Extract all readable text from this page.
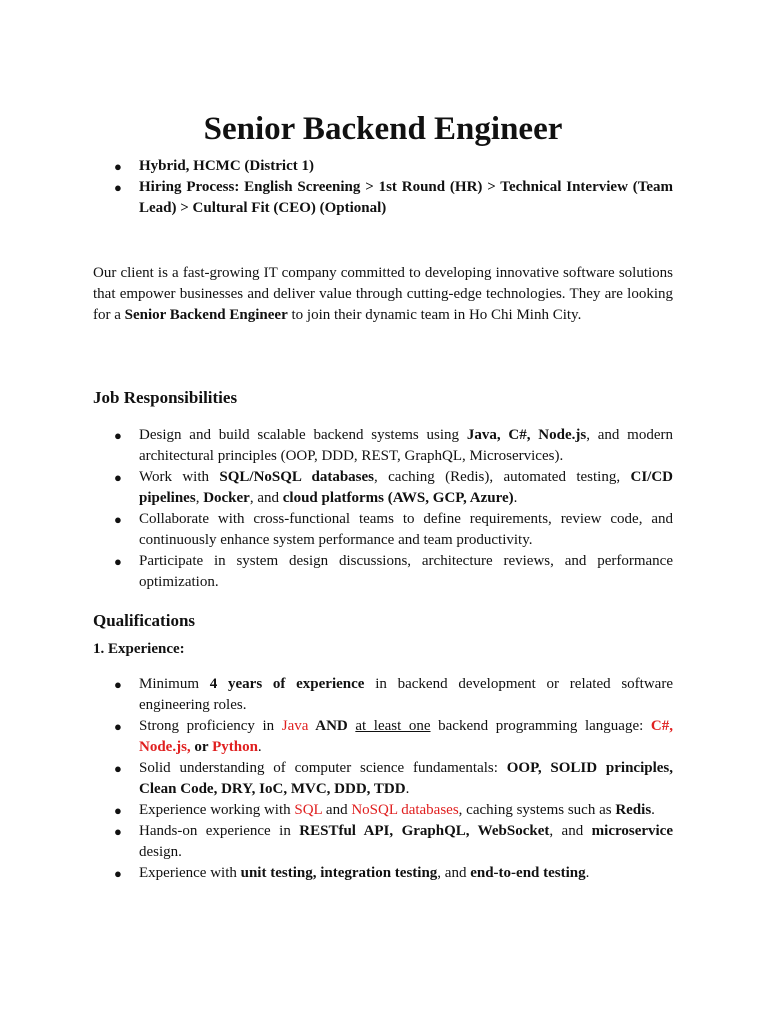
Senior Backend Engineer
● Hybrid, HCMC (District 1)
● Hiring Process: English Screening > 1st Round (HR) > Technical Interview (Team Lead) > Cultural Fit (CEO) (Optional)

Our client is a fast-growing IT company committed to developing innovative software solutions that empower businesses and deliver value through cutting-edge technologies. They are looking for a Senior Backend Engineer to join their dynamic team in Ho Chi Minh City.

Job Responsibilities
● Design and build scalable backend systems using Java, C#, Node.js, and modern architectural principles (OOP, DDD, REST, GraphQL, Microservices).
● Work with SQL/NoSQL databases, caching (Redis), automated testing, CI/CD pipelines, Docker, and cloud platforms (AWS, GCP, Azure).
● Collaborate with cross-functional teams to define requirements, review code, and continuously enhance system performance and team productivity.
● Participate in system design discussions, architecture reviews, and performance optimization.
Qualifications
1. Experience:
● Minimum 4 years of experience in backend development or related software engineering roles.
● Strong proficiency in Java AND at least one backend programming language: C#, Node.js, or Python.
● Solid understanding of computer science fundamentals: OOP, SOLID principles, Clean Code, DRY, IoC, MVC, DDD, TDD.
● Experience working with SQL and NoSQL databases, caching systems such as Redis.
● Hands-on experience in RESTful API, GraphQL, WebSocket, and microservice design.
● Experience with unit testing, integration testing, and end-to-end testing.
